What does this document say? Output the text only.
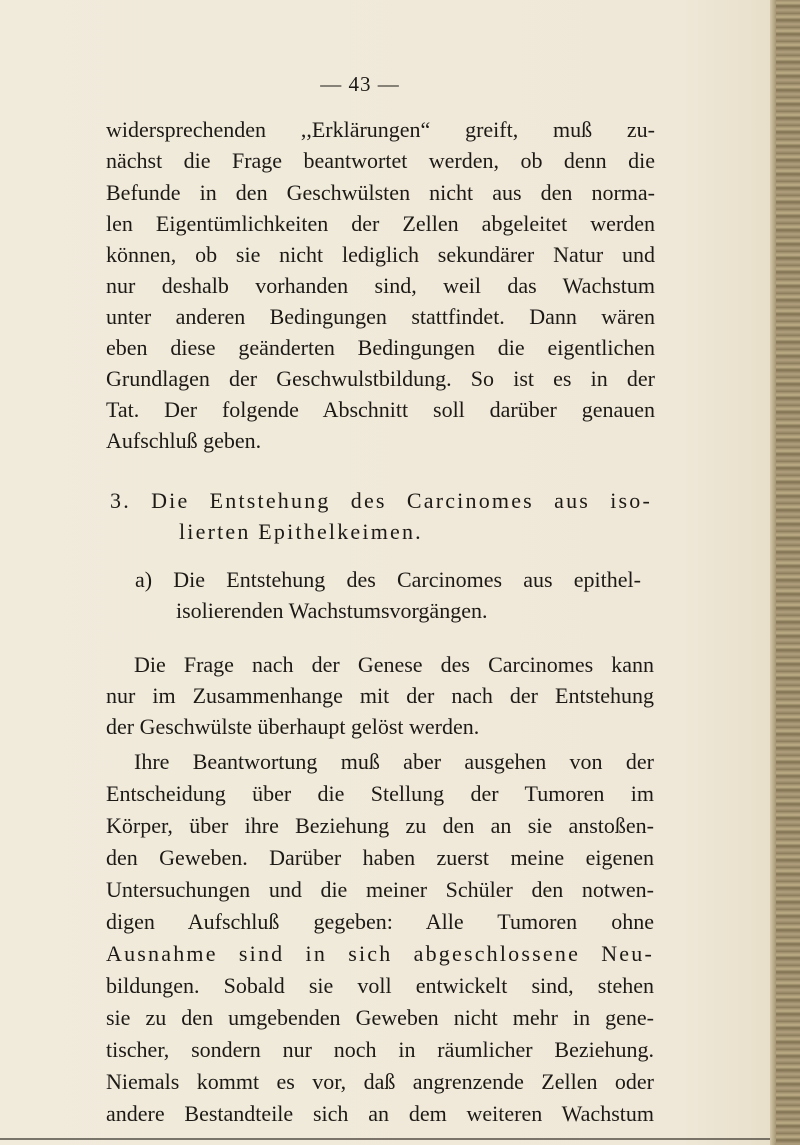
— 43 —
widersprechenden ,,Erklärungen“ greift, muß zu-
nächst die Frage beantwortet werden, ob denn die
Befunde in den Geschwülsten nicht aus den norma-
len Eigentümlichkeiten der Zellen abgeleitet werden
können, ob sie nicht lediglich sekundärer Natur und
nur deshalb vorhanden sind, weil das Wachstum
unter anderen Bedingungen stattfindet. Dann wären
eben diese geänderten Bedingungen die eigentlichen
Grundlagen der Geschwulstbildung. So ist es in der
Tat. Der folgende Abschnitt soll darüber genauen
Aufschluß geben.
3. Die Entstehung des Carcinomes aus iso-
lierten Epithelkeimen.
a) Die Entstehung des Carcinomes aus epithel-
isolierenden Wachstumsvorgängen.
Die Frage nach der Genese des Carcinomes kann
nur im Zusammenhange mit der nach der Entstehung
der Geschwülste überhaupt gelöst werden.
Ihre Beantwortung muß aber ausgehen von der
Entscheidung über die Stellung der Tumoren im
Körper, über ihre Beziehung zu den an sie anstoßen-
den Geweben. Darüber haben zuerst meine eigenen
Untersuchungen und die meiner Schüler den notwen-
digen Aufschluß gegeben: Alle Tumoren ohne
Ausnahme sind in sich abgeschlossene Neu-
bildungen. Sobald sie voll entwickelt sind, stehen
sie zu den umgebenden Geweben nicht mehr in gene-
tischer, sondern nur noch in räumlicher Beziehung.
Niemals kommt es vor, daß angrenzende Zellen oder
andere Bestandteile sich an dem weiteren Wachstum
